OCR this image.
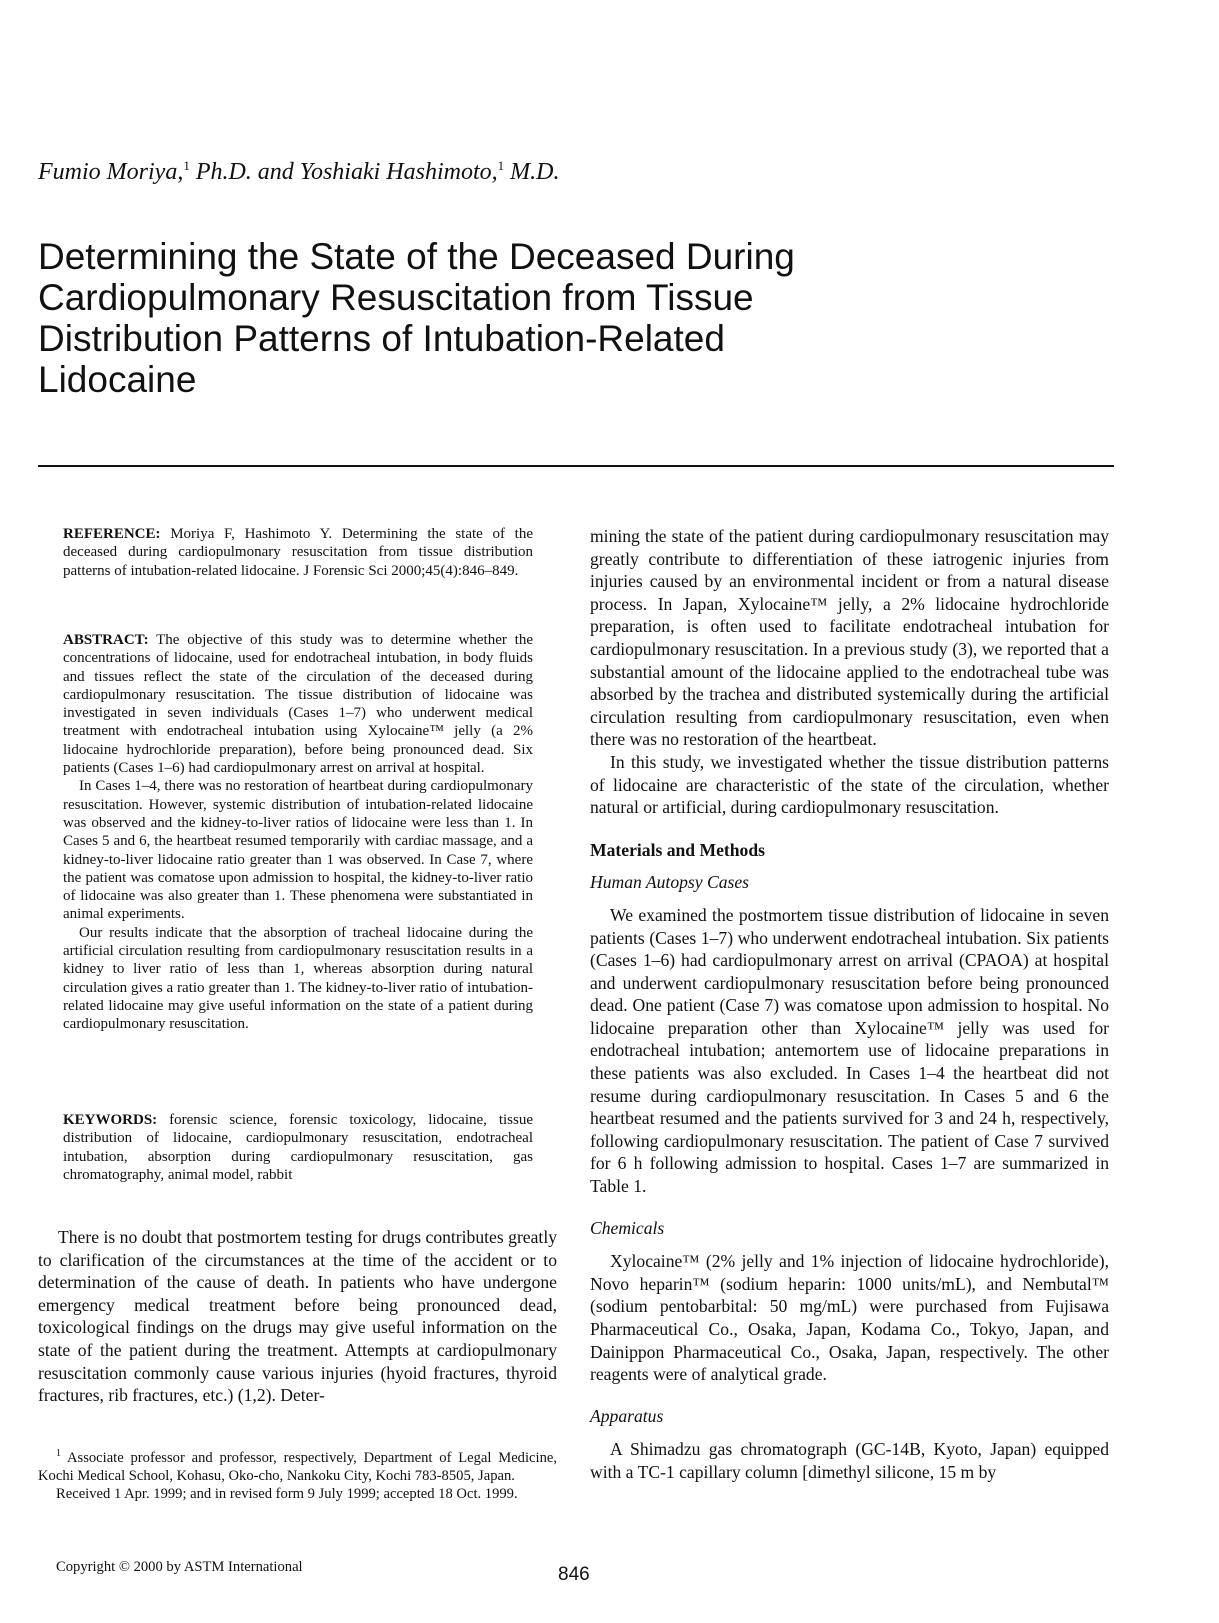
Fumio Moriya,$^1$ Ph.D. and Yoshiaki Hashimoto,$^1$ M.D.
Determining the State of the Deceased During Cardiopulmonary Resuscitation from Tissue Distribution Patterns of Intubation-Related Lidocaine

REFERENCE: Moriya F, Hashimoto Y. Determining the state of the deceased during cardiopulmonary resuscitation from tissue distribution patterns of intubation-related lidocaine. J Forensic Sci 2000;45(4):846–849.

ABSTRACT: The objective of this study was to determine whether the concentrations of lidocaine, used for endotracheal intubation, in body fluids and tissues reflect the state of the circulation of the deceased during cardiopulmonary resuscitation. The tissue distribution of lidocaine was investigated in seven individuals (Cases 1–7) who underwent medical treatment with endotracheal intubation using Xylocaine™ jelly (a 2% lidocaine hydrochloride preparation), before being pronounced dead. Six patients (Cases 1–6) had cardiopulmonary arrest on arrival at hospital.

In Cases 1–4, there was no restoration of heartbeat during cardiopulmonary resuscitation. However, systemic distribution of intubation-related lidocaine was observed and the kidney-to-liver ratios of lidocaine were less than 1. In Cases 5 and 6, the heartbeat resumed temporarily with cardiac massage, and a kidney-to-liver lidocaine ratio greater than 1 was observed. In Case 7, where the patient was comatose upon admission to hospital, the kidney-to-liver ratio of lidocaine was also greater than 1. These phenomena were substantiated in animal experiments.

Our results indicate that the absorption of tracheal lidocaine during the artificial circulation resulting from cardiopulmonary resuscitation results in a kidney to liver ratio of less than 1, whereas absorption during natural circulation gives a ratio greater than 1. The kidney-to-liver ratio of intubation-related lidocaine may give useful information on the state of a patient during cardiopulmonary resuscitation.

KEYWORDS: forensic science, forensic toxicology, lidocaine, tissue distribution of lidocaine, cardiopulmonary resuscitation, endotracheal intubation, absorption during cardiopulmonary resuscitation, gas chromatography, animal model, rabbit

There is no doubt that postmortem testing for drugs contributes greatly to clarification of the circumstances at the time of the accident or to determination of the cause of death. In patients who have undergone emergency medical treatment before being pronounced dead, toxicological findings on the drugs may give useful information on the state of the patient during the treatment. Attempts at cardiopulmonary resuscitation commonly cause various injuries (hyoid fractures, thyroid fractures, rib fractures, etc.) (1,2). Deter-

$^1$ Associate professor and professor, respectively, Department of Legal Medicine, Kochi Medical School, Kohasu, Oko-cho, Nankoku City, Kochi 783-8505, Japan.

Received 1 Apr. 1999; and in revised form 9 July 1999; accepted 18 Oct. 1999.

mining the state of the patient during cardiopulmonary resuscitation may greatly contribute to differentiation of these iatrogenic injuries from injuries caused by an environmental incident or from a natural disease process. In Japan, Xylocaine™ jelly, a 2% lidocaine hydrochloride preparation, is often used to facilitate endotracheal intubation for cardiopulmonary resuscitation. In a previous study (3), we reported that a substantial amount of the lidocaine applied to the endotracheal tube was absorbed by the trachea and distributed systemically during the artificial circulation resulting from cardiopulmonary resuscitation, even when there was no restoration of the heartbeat.

In this study, we investigated whether the tissue distribution patterns of lidocaine are characteristic of the state of the circulation, whether natural or artificial, during cardiopulmonary resuscitation.

Materials and Methods

Human Autopsy Cases

We examined the postmortem tissue distribution of lidocaine in seven patients (Cases 1–7) who underwent endotracheal intubation. Six patients (Cases 1–6) had cardiopulmonary arrest on arrival (CPAOA) at hospital and underwent cardiopulmonary resuscitation before being pronounced dead. One patient (Case 7) was comatose upon admission to hospital. No lidocaine preparation other than Xylocaine™ jelly was used for endotracheal intubation; antemortem use of lidocaine preparations in these patients was also excluded. In Cases 1–4 the heartbeat did not resume during cardiopulmonary resuscitation. In Cases 5 and 6 the heartbeat resumed and the patients survived for 3 and 24 h, respectively, following cardiopulmonary resuscitation. The patient of Case 7 survived for 6 h following admission to hospital. Cases 1–7 are summarized in Table 1.

Chemicals

Xylocaine™ (2% jelly and 1% injection of lidocaine hydrochloride), Novo heparin™ (sodium heparin: 1000 units/mL), and Nembutal™ (sodium pentobarbital: 50 mg/mL) were purchased from Fujisawa Pharmaceutical Co., Osaka, Japan, Kodama Co., Tokyo, Japan, and Dainippon Pharmaceutical Co., Osaka, Japan, respectively. The other reagents were of analytical grade.

Apparatus

A Shimadzu gas chromatograph (GC-14B, Kyoto, Japan) equipped with a TC-1 capillary column [dimethyl silicone, 15 m by

Copyright © 2000 by ASTM International	846
